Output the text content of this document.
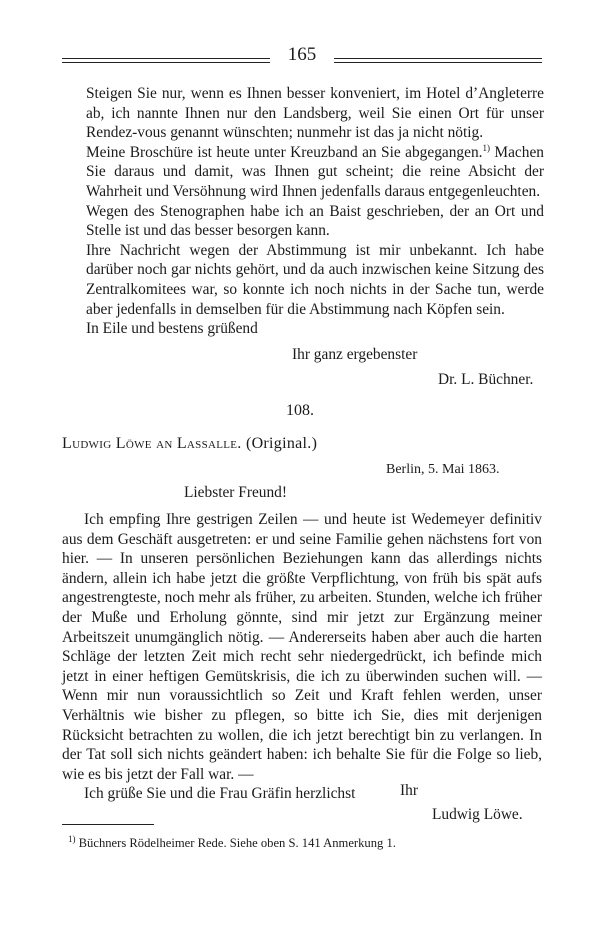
165

Steigen Sie nur, wenn es Ihnen besser konveniert, im Hotel d’Angleterre ab, ich nannte Ihnen nur den Landsberg, weil Sie einen Ort für unser Rendez-vous genannt wünschten; nunmehr ist das ja nicht nötig.

Meine Broschüre ist heute unter Kreuzband an Sie abgegangen.$^{1)}$ Machen Sie daraus und damit, was Ihnen gut scheint; die reine Absicht der Wahrheit und Versöhnung wird Ihnen jedenfalls daraus entgegenleuchten.

Wegen des Stenographen habe ich an Baist geschrieben, der an Ort und Stelle ist und das besser besorgen kann.

Ihre Nachricht wegen der Abstimmung ist mir unbekannt. Ich habe darüber noch gar nichts gehört, und da auch inzwischen keine Sitzung des Zentralkomitees war, so konnte ich noch nichts in der Sache tun, werde aber jedenfalls in demselben für die Abstimmung nach Köpfen sein.

In Eile und bestens grüßend

Ihr ganz ergebenster
Dr. L. Büchner.
108.
Ludwig Löwe an Lassalle. (Original.)
Berlin, 5. Mai 1863.
Liebster Freund!

Ich empfing Ihre gestrigen Zeilen — und heute ist Wedemeyer definitiv aus dem Geschäft ausgetreten: er und seine Familie gehen nächstens fort von hier. — In unseren persönlichen Beziehungen kann das allerdings nichts ändern, allein ich habe jetzt die größte Verpflichtung, von früh bis spät aufs angestrengteste, noch mehr als früher, zu arbeiten. Stunden, welche ich früher der Muße und Erholung gönnte, sind mir jetzt zur Ergänzung meiner Arbeitszeit unumgänglich nötig. — Andererseits haben aber auch die harten Schläge der letzten Zeit mich recht sehr niedergedrückt, ich befinde mich jetzt in einer heftigen Gemütskrisis, die ich zu überwinden suchen will. — Wenn mir nun voraussichtlich so Zeit und Kraft fehlen werden, unser Verhältnis wie bisher zu pflegen, so bitte ich Sie, dies mit derjenigen Rücksicht betrachten zu wollen, die ich jetzt berechtigt bin zu verlangen. In der Tat soll sich nichts geändert haben: ich behalte Sie für die Folge so lieb, wie es bis jetzt der Fall war. —

Ich grüße Sie und die Frau Gräfin herzlichst	Ihr
Ludwig Löwe.
$^{1)}$ Büchners Rödelheimer Rede. Siehe oben S. 141 Anmerkung 1.
